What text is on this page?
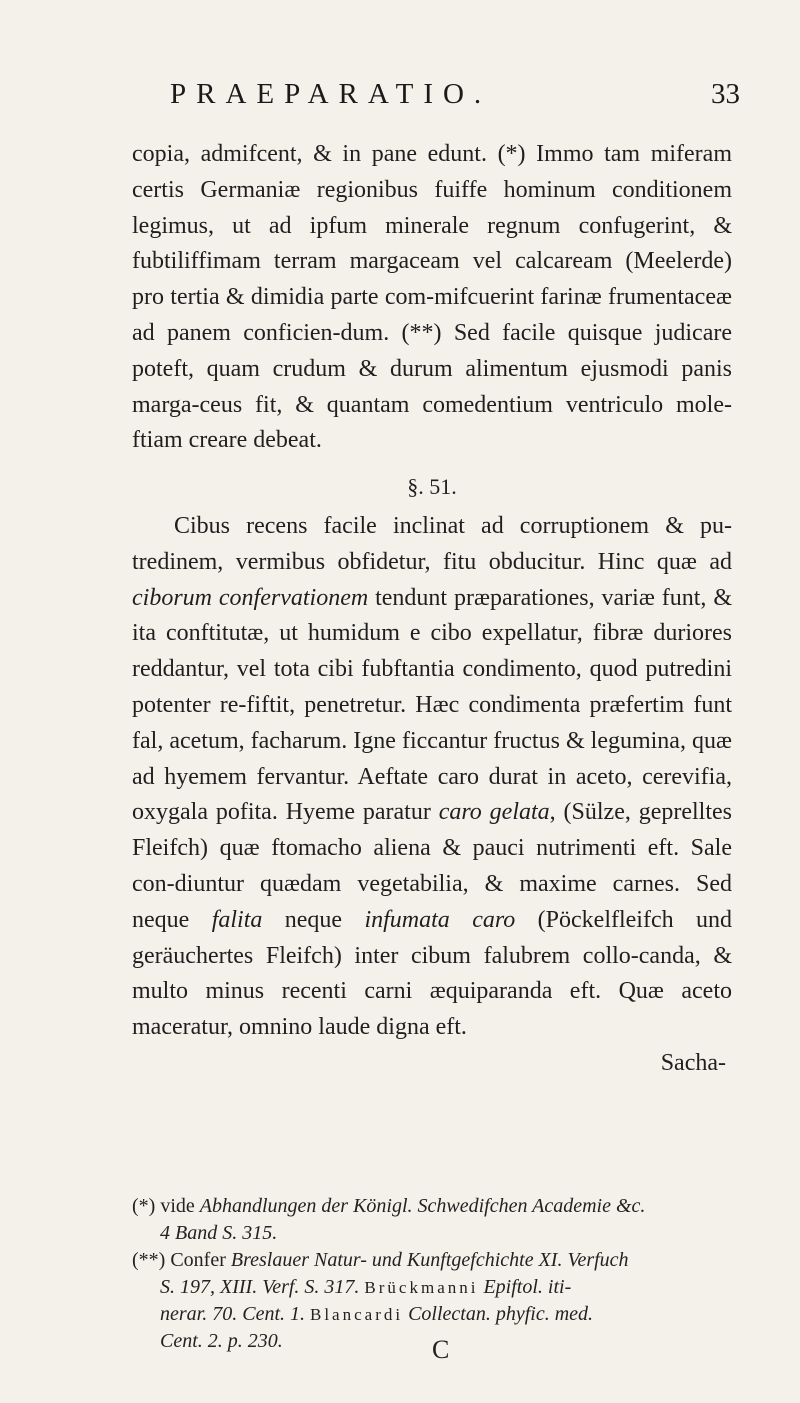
PRAEPARATIO.	33

copia, admifcent, & in pane edunt. (*) Immo tam miferam certis Germaniæ regionibus fuiffe hominum conditionem legimus, ut ad ipfum minerale regnum confugerint, & fubtiliffimam terram margaceam vel calcaream (Meelerde) pro tertia & dimidia parte com-mifcuerint farinæ frumentaceæ ad panem conficien-dum. (**) Sed facile quisque judicare poteft, quam crudum & durum alimentum ejusmodi panis marga-ceus fit, & quantam comedentium ventriculo mole-ftiam creare debeat.

§. 51.

Cibus recens facile inclinat ad corruptionem & pu-tredinem, vermibus obfidetur, fitu obducitur. Hinc quæ ad ciborum confervationem tendunt præparationes, variæ funt, & ita conftitutæ, ut humidum e cibo expellatur, fibræ duriores reddantur, vel tota cibi fubftantia condimento, quod putredini potenter re-fiftit, penetretur. Hæc condimenta præfertim funt fal, acetum, facharum. Igne ficcantur fructus & legumina, quæ ad hyemem fervantur. Aeftate caro durat in aceto, cerevifia, oxygala pofita. Hyeme paratur caro gelata, (Sülze, geprelltes Fleifch) quæ ftomacho aliena & pauci nutrimenti eft. Sale con-diuntur quædam vegetabilia, & maxime carnes. Sed neque falita neque infumata caro (Pöckelfleifch und geräuchertes Fleifch) inter cibum falubrem collo-canda, & multo minus recenti carni æquiparanda eft. Quæ aceto maceratur, omnino laude digna eft.

Sacha-

(*) vide Abhandlungen der Königl. Schwedifchen Academie &c.

4 Band S. 315.

(**) Confer Breslauer Natur- und Kunftgefchichte XI. Verfuch

S. 197, XIII. Verf. S. 317. Brückmanni Epiftol. iti-

nerar. 70. Cent. 1. Blancardi Collectan. phyfic. med.

Cent. 2. p. 230.	C
